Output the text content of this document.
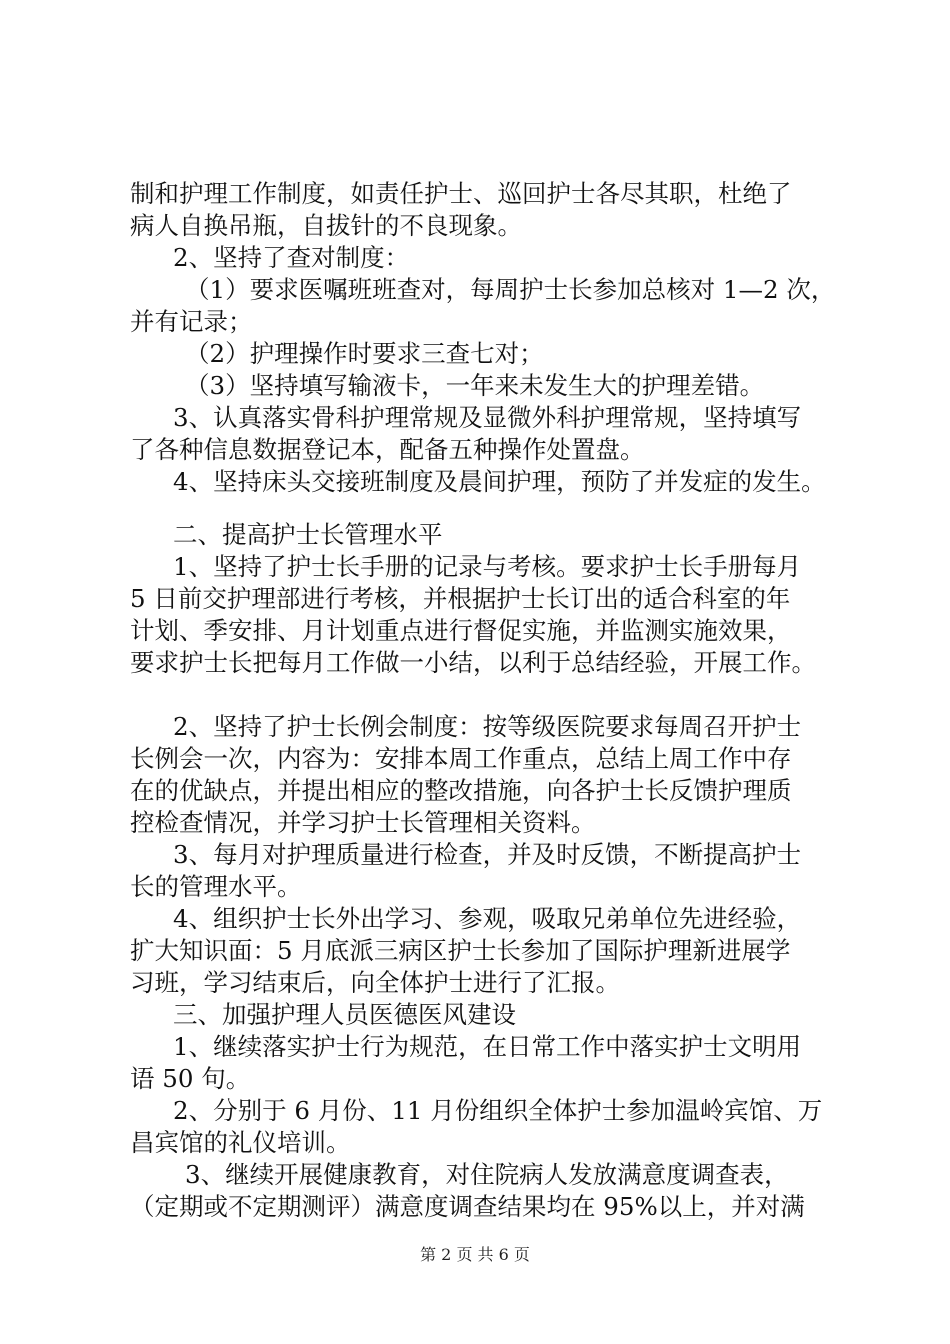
制和护理工作制度，如责任护士、巡回护士各尽其职，杜绝了
病人自换吊瓶，自拔针的不良现象。
2、坚持了查对制度：
（1）要求医嘱班班查对，每周护士长参加总核对 1—2 次，
并有记录；
（2）护理操作时要求三查七对；
（3）坚持填写输液卡，一年来未发生大的护理差错。
3、认真落实骨科护理常规及显微外科护理常规，坚持填写
了各种信息数据登记本，配备五种操作处置盘。
4、坚持床头交接班制度及晨间护理，预防了并发症的发生。
二、提高护士长管理水平
1、坚持了护士长手册的记录与考核。要求护士长手册每月
5 日前交护理部进行考核，并根据护士长订出的适合科室的年
计划、季安排、月计划重点进行督促实施，并监测实施效果，
要求护士长把每月工作做一小结，以利于总结经验，开展工作。
2、坚持了护士长例会制度：按等级医院要求每周召开护士
长例会一次，内容为：安排本周工作重点，总结上周工作中存
在的优缺点，并提出相应的整改措施，向各护士长反馈护理质
控检查情况，并学习护士长管理相关资料。
3、每月对护理质量进行检查，并及时反馈，不断提高护士
长的管理水平。
4、组织护士长外出学习、参观，吸取兄弟单位先进经验，
扩大知识面：5 月底派三病区护士长参加了国际护理新进展学
习班，学习结束后，向全体护士进行了汇报。
三、加强护理人员医德医风建设
1、继续落实护士行为规范，在日常工作中落实护士文明用
语 50 句。
2、分别于 6 月份、11 月份组织全体护士参加温岭宾馆、万
昌宾馆的礼仪培训。
3、继续开展健康教育，对住院病人发放满意度调查表，
（定期或不定期测评）满意度调查结果均在 95%以上，并对满
第 2 页 共 6 页
